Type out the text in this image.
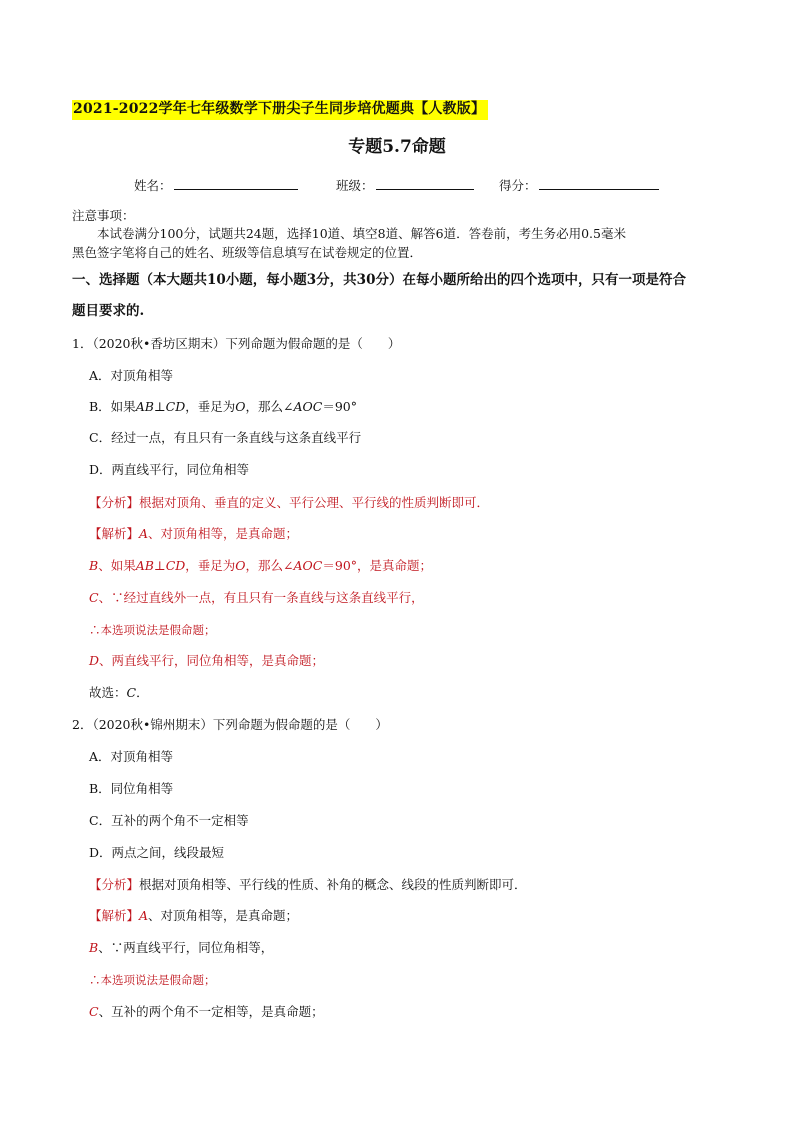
2021-2022学年七年级数学下册尖子生同步培优题典【人教版】
专题5.7命题
姓名：	班级：	得分：
注意事项：
本试卷满分100分，试题共24题，选择10道、填空8道、解答6道．答卷前，考生务必用0.5毫米
黑色签字笔将自己的姓名、班级等信息填写在试卷规定的位置．
一、选择题（本大题共10小题，每小题3分，共30分）在每小题所给出的四个选项中，只有一项是符合
题目要求的.
1．（2020秋•香坊区期末）下列命题为假命题的是（　　）
A．对顶角相等
B．如果AB⊥CD，垂足为O，那么∠AOC＝90°
C．经过一点，有且只有一条直线与这条直线平行
D．两直线平行，同位角相等
【分析】根据对顶角、垂直的定义、平行公理、平行线的性质判断即可．
【解析】A、对顶角相等，是真命题；
B、如果AB⊥CD，垂足为O，那么∠AOC＝90°，是真命题；
C、∵经过直线外一点，有且只有一条直线与这条直线平行，
∴本选项说法是假命题；
D、两直线平行，同位角相等，是真命题；
故选：C．
2．（2020秋•锦州期末）下列命题为假命题的是（　　）
A．对顶角相等
B．同位角相等
C．互补的两个角不一定相等
D．两点之间，线段最短
【分析】根据对顶角相等、平行线的性质、补角的概念、线段的性质判断即可．
【解析】A、对顶角相等，是真命题；
B、∵两直线平行，同位角相等，
∴本选项说法是假命题；
C、互补的两个角不一定相等，是真命题；
